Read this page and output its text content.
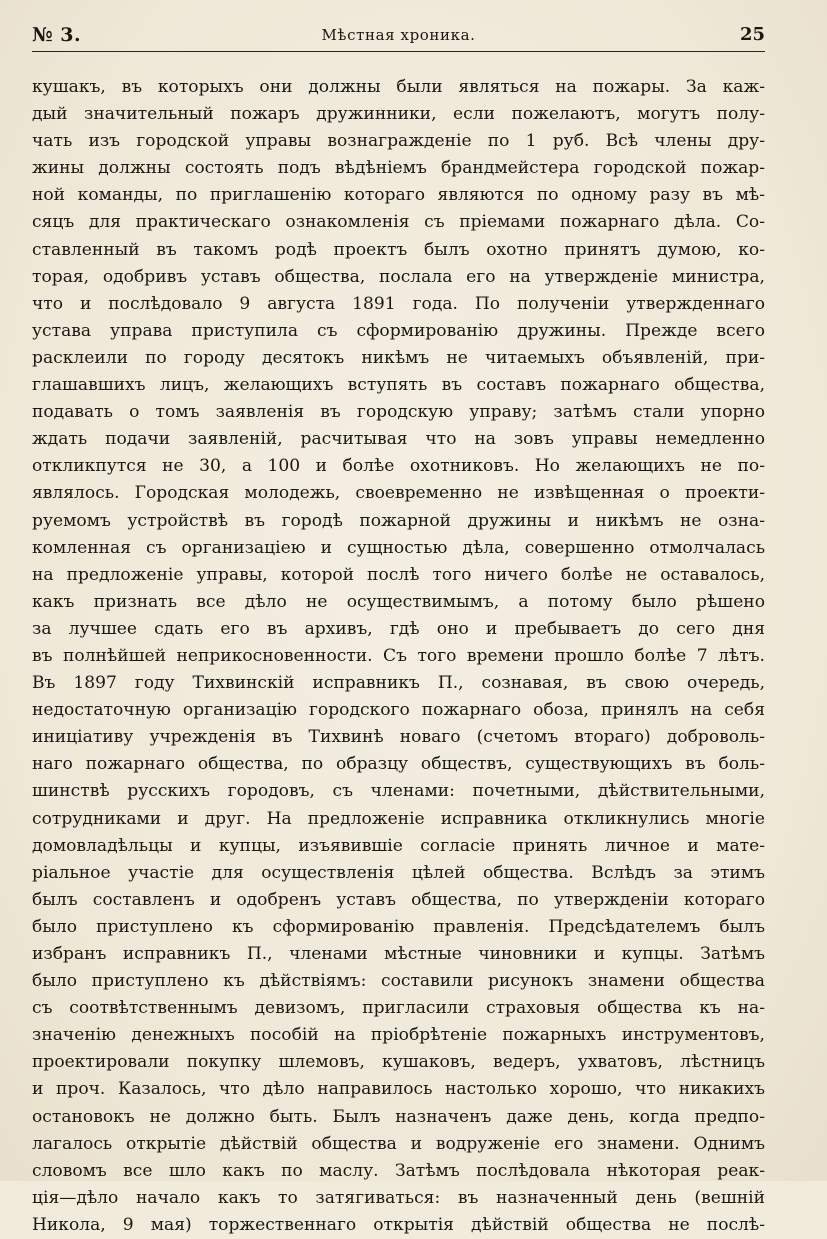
№ 3.	Мѣстная хроника.	25
кушакъ, въ которыхъ они должны были являться на пожары. За каж-
дый значительный пожаръ дружинники, если пожелаютъ, могутъ полу-
чать изъ городской управы вознагражденіе по 1 руб. Всѣ члены дру-
жины должны состоять подъ вѣдѣніемъ брандмейстера городской пожар-
ной команды, по приглашенію котораго являются по одному разу въ мѣ-
сяцъ для практическаго ознакомленія съ пріемами пожарнаго дѣла. Со-
ставленный въ такомъ родѣ проектъ былъ охотно принятъ думою, ко-
торая, одобривъ уставъ общества, послала его на утвержденіе министра,
что и послѣдовало 9 августа 1891 года. По полученіи утвержденнаго
устава управа приступила съ сформированію дружины. Прежде всего
расклеили по городу десятокъ никѣмъ не читаемыхъ объявленій, при-
глашавшихъ лицъ, желающихъ вступять въ составъ пожарнаго общества,
подавать о томъ заявленія въ городскую управу; затѣмъ стали упорно
ждать подачи заявленій, расчитывая что на зовъ управы немедленно
откликпутся не 30, а 100 и болѣе охотниковъ. Но желающихъ не по-
являлось. Городская молодежь, своевременно не извѣщенная о проекти-
руемомъ устройствѣ въ городѣ пожарной дружины и никѣмъ не озна-
комленная съ организаціею и сущностью дѣла, совершенно отмолчалась
на предложеніе управы, которой послѣ того ничего болѣе не оставалось,
какъ признать все дѣло не осуществимымъ, а потому было рѣшено
за лучшее сдать его въ архивъ, гдѣ оно и пребываетъ до сего дня
въ полнѣйшей неприкосновенности. Съ того времени прошло болѣе 7 лѣтъ.
Въ 1897 году Тихвинскій исправникъ П., сознавая, въ свою очередь,
недостаточную организацію городского пожарнаго обоза, принялъ на себя
иниціативу учрежденія въ Тихвинѣ новаго (счетомъ втораго) доброволь-
наго пожарнаго общества, по образцу обществъ, существующихъ въ боль-
шинствѣ русскихъ городовъ, съ членами: почетными, дѣйствительными,
сотрудниками и друг. На предложеніе исправника откликнулись многіе
домовладѣльцы и купцы, изъявившіе согласіе принять личное и мате-
ріальное участіе для осуществленія цѣлей общества. Вслѣдъ за этимъ
былъ составленъ и одобренъ уставъ общества, по утвержденіи котораго
было приступлено къ сформированію правленія. Предсѣдателемъ былъ
избранъ исправникъ П., членами мѣстные чиновники и купцы. Затѣмъ
было приступлено къ дѣйствіямъ: составили рисунокъ знамени общества
съ соотвѣтственнымъ девизомъ, пригласили страховыя общества къ на-
значенію денежныхъ пособій на пріобрѣтеніе пожарныхъ инструментовъ,
проектировали покупку шлемовъ, кушаковъ, ведеръ, ухватовъ, лѣстницъ
и проч. Казалось, что дѣло направилось настолько хорошо, что никакихъ
остановокъ не должно быть. Былъ назначенъ даже день, когда предпо-
лагалось открытіе дѣйствій общества и водруженіе его знамени. Однимъ
словомъ все шло какъ по маслу. Затѣмъ послѣдовала нѣкоторая реак-
ція—дѣло начало какъ то затягиваться: въ назначенный день (вешній
Никола, 9 мая) торжественнаго открытія дѣйствій общества не послѣ-
